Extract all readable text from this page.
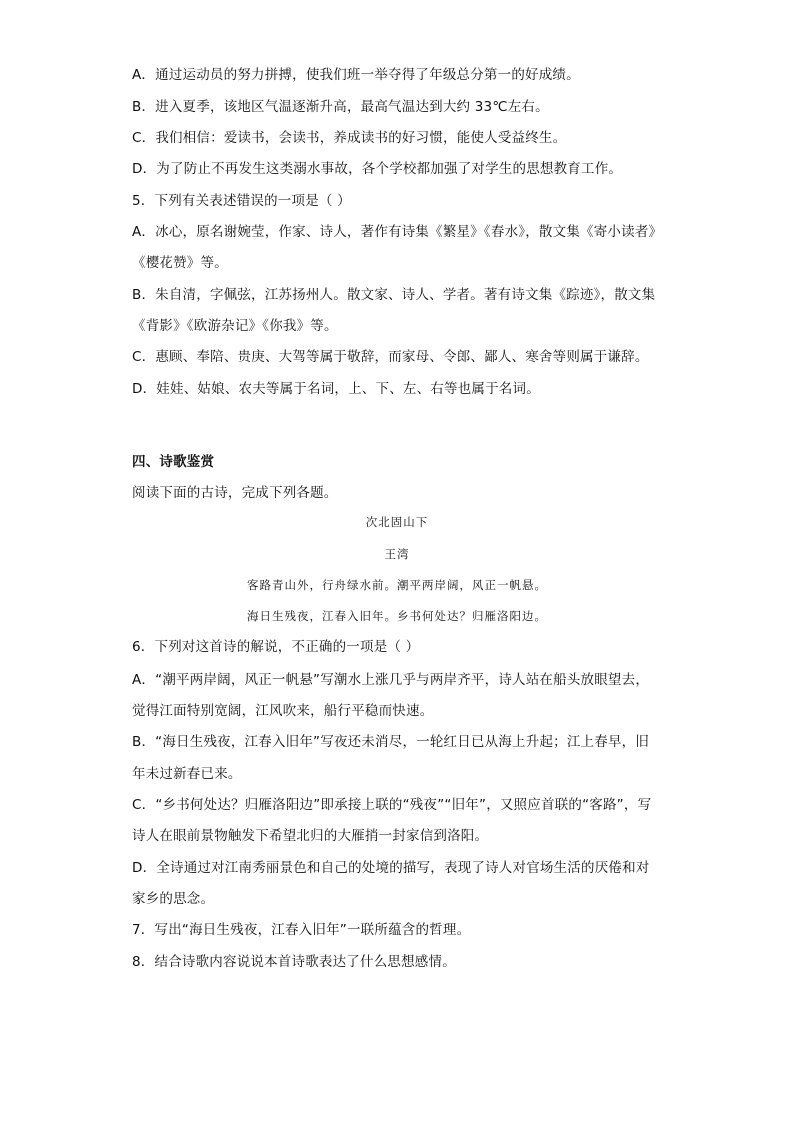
A．通过运动员的努力拼搏，使我们班一举夺得了年级总分第一的好成绩。
B．进入夏季，该地区气温逐渐升高，最高气温达到大约 33℃左右。
C．我们相信：爱读书，会读书，养成读书的好习惯，能使人受益终生。
D．为了防止不再发生这类溺水事故，各个学校都加强了对学生的思想教育工作。
5．下列有关表述错误的一项是（ ）
A．冰心，原名谢婉莹，作家、诗人，著作有诗集《繁星》《春水》，散文集《寄小读者》
《樱花赞》等。
B．朱自清，字佩弦，江苏扬州人。散文家、诗人、学者。著有诗文集《踪迹》，散文集
《背影》《欧游杂记》《你我》等。
C．惠顾、奉陪、贵庚、大驾等属于敬辞，而家母、令郎、鄙人、寒舍等则属于谦辞。
D．娃娃、姑娘、农夫等属于名词，上、下、左、右等也属于名词。
四、诗歌鉴赏
阅读下面的古诗，完成下列各题。
次北固山下
王湾
客路青山外，行舟绿水前。潮平两岸阔，风正一帆悬。
海日生残夜，江春入旧年。乡书何处达？归雁洛阳边。
6．下列对这首诗的解说，不正确的一项是（ ）
A．“潮平两岸阔，风正一帆悬”写潮水上涨几乎与两岸齐平，诗人站在船头放眼望去，
觉得江面特别宽阔，江风吹来，船行平稳而快速。
B．“海日生残夜，江春入旧年”写夜还未消尽，一轮红日已从海上升起；江上春早，旧
年未过新春已来。
C．“乡书何处达？归雁洛阳边”即承接上联的“残夜”“旧年”，又照应首联的“客路”，写
诗人在眼前景物触发下希望北归的大雁捎一封家信到洛阳。
D．全诗通过对江南秀丽景色和自己的处境的描写，表现了诗人对官场生活的厌倦和对
家乡的思念。
7．写出“海日生残夜，江春入旧年”一联所蕴含的哲理。
8．结合诗歌内容说说本首诗歌表达了什么思想感情。
